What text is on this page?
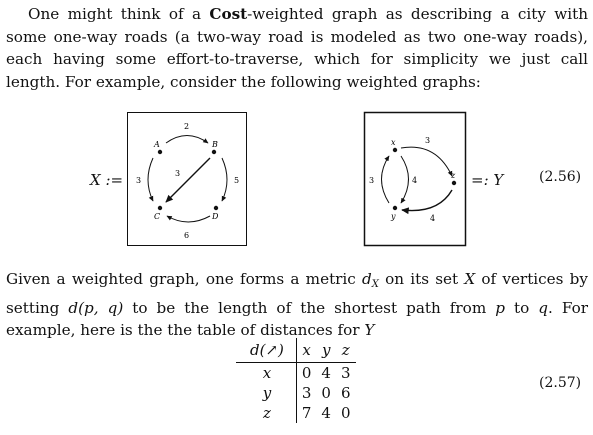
One might think of a Cost-weighted graph as describing a city with some one-way roads (a two-way road is modeled as two one-way roads), each having some effort-to-traverse, which for simplicity we just call length. For example, consider the following weighted graphs:

X :=
A	B
C	D
2
3
3
5
6
x
y
z
3
3	4
4
=: Y	(2.56)

Given a weighted graph, one forms a metric $d_X$ on its set X of vertices by setting d(p, q) to be the length of the shortest path from p to q. For example, here is the the table of distances for Y

d(↗)	x	y	z
x	0	4	3
y	3	0	6
z	7	4	0
(2.57)
